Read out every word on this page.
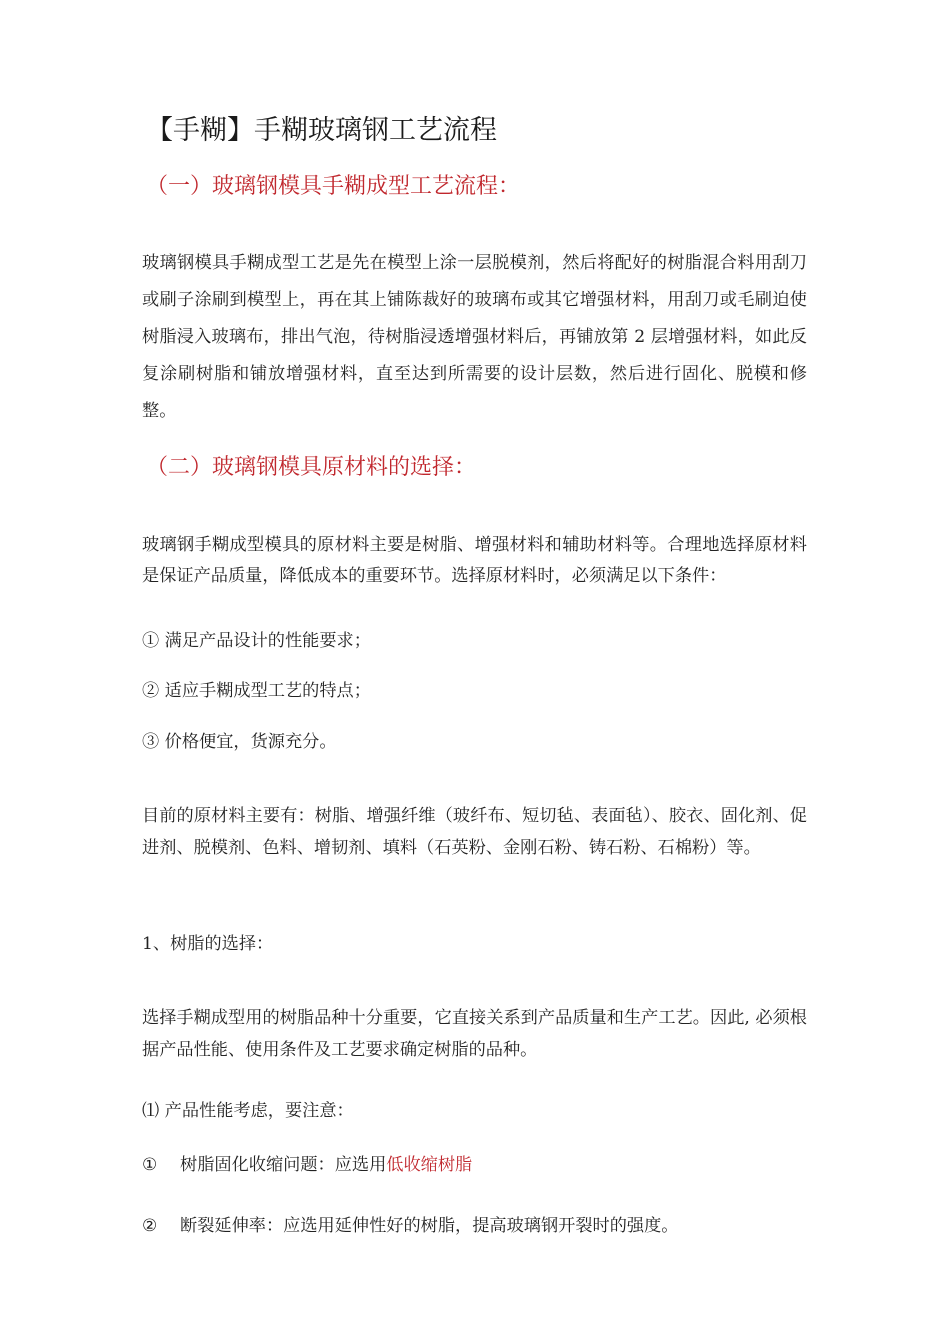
【手糊】手糊玻璃钢工艺流程
（一）玻璃钢模具手糊成型工艺流程：
玻璃钢模具手糊成型工艺是先在模型上涂一层脱模剂，然后将配好的树脂混合料用刮刀或刷子涂刷到模型上，再在其上铺陈裁好的玻璃布或其它增强材料，用刮刀或毛刷迫使树脂浸入玻璃布，排出气泡，待树脂浸透增强材料后，再铺放第 2 层增强材料，如此反复涂刷树脂和铺放增强材料，直至达到所需要的设计层数，然后进行固化、脱模和修整。
（二）玻璃钢模具原材料的选择：
玻璃钢手糊成型模具的原材料主要是树脂、增强材料和辅助材料等。合理地选择原材料是保证产品质量，降低成本的重要环节。选择原材料时，必须满足以下条件：
① 满足产品设计的性能要求；
② 适应手糊成型工艺的特点；
③ 价格便宜，货源充分。
目前的原材料主要有：树脂、增强纤维（玻纤布、短切毡、表面毡）、胶衣、固化剂、促进剂、脱模剂、色料、增韧剂、填料（石英粉、金刚石粉、铸石粉、石棉粉）等。
1、树脂的选择：
选择手糊成型用的树脂品种十分重要，它直接关系到产品质量和生产工艺。因此, 必须根据产品性能、使用条件及工艺要求确定树脂的品种。
⑴ 产品性能考虑，要注意：
① 树脂固化收缩问题：应选用低收缩树脂
② 断裂延伸率：应选用延伸性好的树脂，提高玻璃钢开裂时的强度。
